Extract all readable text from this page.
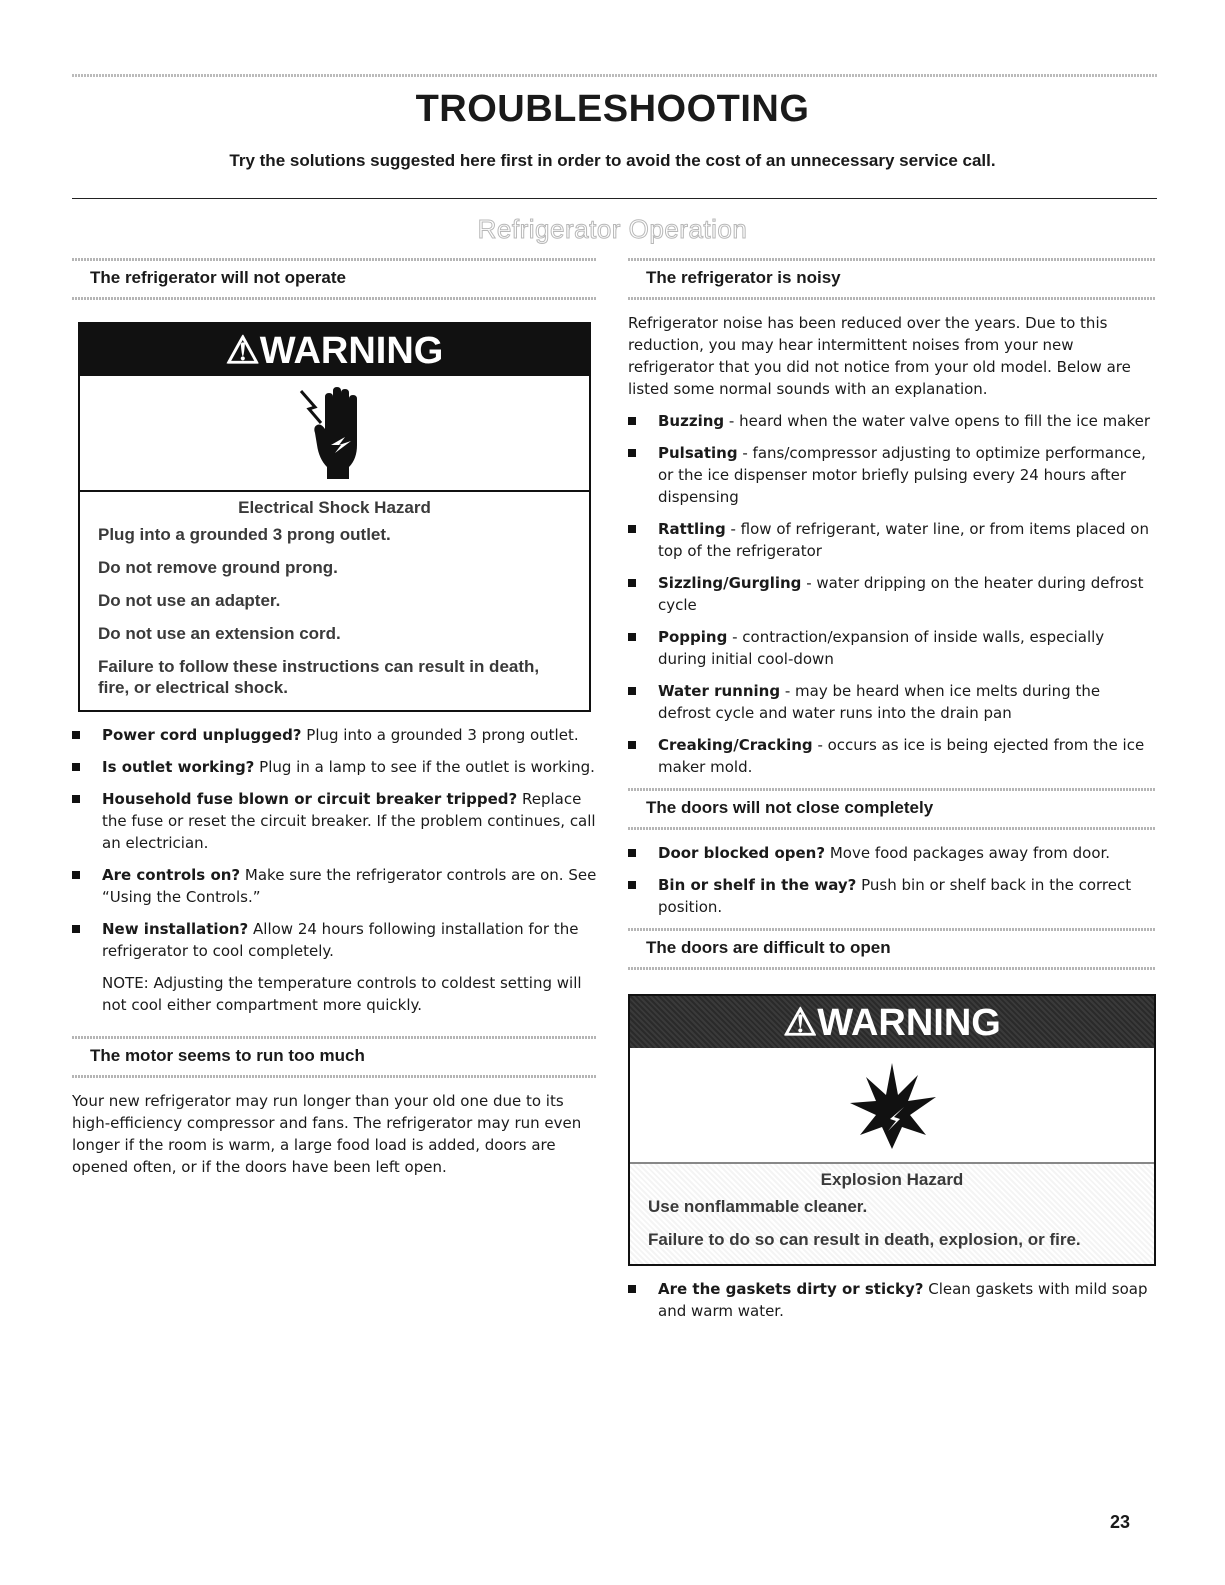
TROUBLESHOOTING
Try the solutions suggested here first in order to avoid the cost of an unnecessary service call.
Refrigerator Operation
The refrigerator will not operate
⚠WARNING
Electrical Shock Hazard
Plug into a grounded 3 prong outlet.
Do not remove ground prong.
Do not use an adapter.
Do not use an extension cord.
Failure to follow these instructions can result in death, fire, or electrical shock.
Power cord unplugged? Plug into a grounded 3 prong outlet.
Is outlet working? Plug in a lamp to see if the outlet is working.
Household fuse blown or circuit breaker tripped? Replace the fuse or reset the circuit breaker. If the problem continues, call an electrician.
Are controls on? Make sure the refrigerator controls are on. See “Using the Controls.”
New installation? Allow 24 hours following installation for the refrigerator to cool completely.
NOTE: Adjusting the temperature controls to coldest setting will not cool either compartment more quickly.
The motor seems to run too much

Your new refrigerator may run longer than your old one due to its high-efficiency compressor and fans. The refrigerator may run even longer if the room is warm, a large food load is added, doors are opened often, or if the doors have been left open.

The refrigerator is noisy

Refrigerator noise has been reduced over the years. Due to this reduction, you may hear intermittent noises from your new refrigerator that you did not notice from your old model. Below are listed some normal sounds with an explanation.

Buzzing - heard when the water valve opens to fill the ice maker
Pulsating - fans/compressor adjusting to optimize performance, or the ice dispenser motor briefly pulsing every 24 hours after dispensing
Rattling - flow of refrigerant, water line, or from items placed on top of the refrigerator
Sizzling/Gurgling - water dripping on the heater during defrost cycle
Popping - contraction/expansion of inside walls, especially during initial cool-down
Water running - may be heard when ice melts during the defrost cycle and water runs into the drain pan
Creaking/Cracking - occurs as ice is being ejected from the ice maker mold.
The doors will not close completely
Door blocked open? Move food packages away from door.
Bin or shelf in the way? Push bin or shelf back in the correct position.
The doors are difficult to open
⚠WARNING
Explosion Hazard
Use nonflammable cleaner.
Failure to do so can result in death, explosion, or fire.
Are the gaskets dirty or sticky? Clean gaskets with mild soap and warm water.
23
